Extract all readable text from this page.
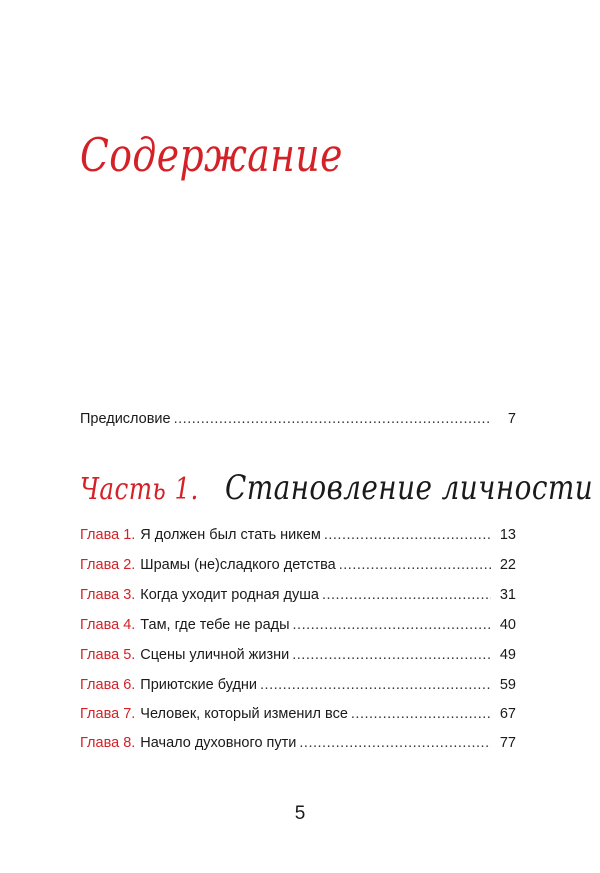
Содержание
Предисловие .....	7
Часть 1. Становление личности
Глава 1. Я должен был стать никем .....	13
Глава 2. Шрамы (не)сладкого детства .....	22
Глава 3. Когда уходит родная душа .....	31
Глава 4. Там, где тебе не рады .....	40
Глава 5. Сцены уличной жизни .....	49
Глава 6. Приютские будни .....	59
Глава 7. Человек, который изменил все .....	67
Глава 8. Начало духовного пути .....	77
5
